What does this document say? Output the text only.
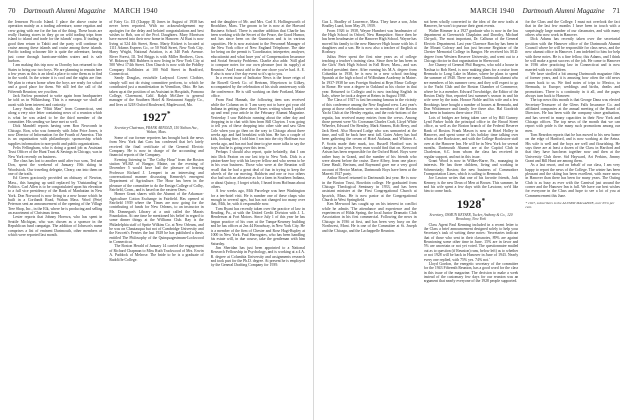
70 Dartmouth Alumni Magazine MARCH 1940

the Jemeson Piccolo Island. I place the above cruise in operation mainly as a trading adventure, some regattas and crew going with me for the fun of the thing. These boats are really floating stores in they go on wild trading trips from island to island and trade for the islands' copra. If trading is good then return to Tahiti and the party will continue its cruise among these islands and cruise among these islands. Pacific trading schooner life is quite the adventure, having just come through hurricane-ridden waters and is safe harbors.

I am making this trip now as Dorothy has returned to the States to bring our two boys. We are planning to remain here a few years as this is an ideal a place to raise them as to find in the world. In the winter it is cool and the nights are fine. We plan to return home when the boys are ready for school and a good place for them. We still feel the call of the Fifteenth Reunion; see you then.

Jack Farlow promised to write again from headquarters he told us in Wilkinsburg. This is a message we shall all await with keen interest and curiosity.

Larry Smith, the "Mitti Man" from Connecticut, sent along a very nice letter containing news of a reunion which is what he was asked to be the third member of the committee. His sending we have met so well.

Dick Mandell reports having seen Ron Newcomb in Chicago. Ron, who was formerly with John Price Jones, is now Director of Information for the Fourth of America. This is an organization with philanthropic sponsorship which supplies information to non-profit and public organizations.

Felix Fellingham, who is doing a grand job as Assistant Trust Officer of the Hunt Trust & Savings in Chicago, was in New York recently on business.

The class has lost to another until after two sons, Ted and Don, spent the weekend of January 19th skiing in Woodstock. Our traveling delegate, Cleary, ran into them on one of the trails.

Ed Green graciously provided an obituary of Newton, Mass., this hanging up until replaced by 'Outstanding' in Politics. Carl Allen is to be congratulated upon his elevation to a full vice presidency of the Bank of Manhattan in New York. Don Norwood is now living in a new house which he built in a Cortlandt Road, Waban Mass. Word (Pete) Peterson sent an announcement of the opening of the Village Tree Shop, Inc., in the Elk, where he is producing and selling an assortment of Christmas items.

Lester reports that Johnny Hoerwa, who has spent in Seattle Michigan, who was chosen as a sponsor in the Republican fund campaign. The addition of Johnson's name comprises a list of eminent Dartmouth, other members of which were reported last month.

of Fairy Co. III (Chappy II) Jones in August of 1938 has never been reported. With no acknowledgement my apologies for the delay and belated congratulations and best wishes to Bob, son of the Prof. Daughters. Mary Morrison have moved into their new home in Hanover. Al Ruzi is now living at 524 4th Street, Reno. Marty Rickert is located at 1111 Adams Express Co., or 50 Wall Street, New York City. Harry Wright, National Aviation, is at 340 Park Avenue. River Forest, Ill. Ted Briggs is with Miller Brothers, Gwn. W. Ridaway Hill Bubbers is now living in New York City at 500 West 174th Street. Don Church is now with the Piddley Company Bulldiniex at 100 Wall Street in Bradford, Connecticut.

Sandy Douglas, erstwhile Ladysool Covert Clotbier, simply will not do rising committee perform, to which he contributed just a manifestation in Vermilion, Ohio. He has taken up at the position of an Assistant in Hospitals, Pomona College, Claremont, Calif. Ralph McGhee is general manager of the Southern Hotel & Restaurant Supply Co., and lives at 3218 Oxford Boulevard, Maplewood, Mo.

1927*
Secretary-Chairman, FRANK ARNOLD, 150 Nathan Ave., Waban, Mass.

Some of our former reporters has brought back the news from New York that Cass has confessed that he's lately received the final certificate of the General Electric Company. He is now in charge of the accounting and financial reports of the Company.

Evening listening to "The Colby Hour" from the Boston station WLBZ of Bangor, Maine, on the evening of December 5 would have had the pleasure of hearing Professor Richard J. Lempert in an interesting and conversational manner discussing Kennedy's emergent Department of Agriculture. The Hour has been in the pleasure of the committee to do the Ensign College of Colby, Fairfield, Conn., and is based on the eastern Ones.

Homer Grant shares with the Alumni of the Arkansas-Agriculture Cotton Exchange in Fairfield. Has opened at Fairfield 1939 where the Times are now going for the contributing of funds for New Orleans, to an instructor in Mr. Donnegan's Library at a unit called the Marais Foundation. At one time he mentioned his belief in regard to some dinner things at the Williams Club. Ray is the Philadelphia staff of Sprite Wilkins Co. at New Orleans, and he was on Chautauqua but not of Cambridge University and the Fawcett's Ferries the last 1928 he has published a thesis entitled The Philosophy of the Quinquagesimum-Lockwood in Connecticut.

The Boston Herald of January 14 carried the engagement of Richard Chapman to Miss Ruth Trackwood of Mrs. Erwin A. Paddock of Melrose. The bride to be is a graduate of Radcliffe College.

and the daughter of Mr. and Mrs. Carl E. Hollingsworth of Brookline, Mass. The groom to be is now at the Harvard Business School. There is another addition that Charlie has been working with the Secret of the Peace, the Good Humor, and has since been on the Gunnison and is in various capacities. He is now assistant to the Personnel Manager of the New York office of New England Telephone. The date for being on the permit is 'Coordinator, interpreter, analyser, educationist and what have you' of Compensation Insurance and Social Security Problems. Charlie also adds: 'Still glad to compare notes for our own pleasure (not its supply) at Reunion.' And I must add to the one chore you've had. A. E. P. also is now a five day event so it's up to you.

In a recent issue of Indicator News is the brave reign of the Rowell Greek Co. of Bertram, Mayetown to Gilkey, accompanied by the celebration of his sixth anniversary with the conference. He is still working on their Portland, Maine office.

From Paul Hannah, the following item was received while the Column on it: 'I am sorry not to have got your old Indiana in getting these short Fizzes writing whom I picked up and read your article in the February Alumni Magazine. Yesterday I saw Baldwin running about the other day and dropping in to chat with him from Bill Clayton. I was going to tell you of these dropping into other side and saw Glen Cole when you go then on the way to Chicago about three weeks ago and had breakfast with him. He has a couple of kids, looking fine, I told him I ran into the city Hoffman two weeks ago, and has not had time to give more talks to say the boys that he is going over this term.'

Perhaps I should also report, quite belatedly, that I ran into Dick Paxton on our last trip to New York. Dick is a pinion-knee boy with his lawyer fellow and who seems to be in his own business. Those who were at the Reunion will recall that he had a great deal of fun in trying to keep the wheels of the car moving. Baldwin and one or two others also had such an aftertaste as for a farm in Southern Indiana, or about Quincy, I forget which, I heard from Hoffman about others.

A few weeks ago, Milt Parcelege was here Washington for a ten-hotel visit. He is number one of these chaps who enough in several ages, but has not changed too many over that, Milt, he, with it responsible now.

Tom Ryant has recently taken over the practice of law in Reading, Pa., at with the United Credit Division with J. L. Henderson at Fort Motors. Since July 1 of this year he has begun practice of his own at the Tampa-Kearney building and he has offices at 2ns 44 Broadway, in New York City. He is a member of the firm of Chester and Rose Hagt-Rupley at 1000 in New York. Paul Harrogates, who has been handling his estate will, in due course, take the gentleman with him Saturday.

Jim Sheridan has just been appointed to a National Research Fellowship in Psychology, and is working at a 4 A. B. degree at Columbia University and assignments research and took part for the Ph.D. degree. At present he is employed by the General Drafting Company for 1939.

MARCH 1940 Dartmouth Alumni Magazine 71

Gus L. Bradley of Lawrence, Mass. They have a son, John Bradley Lund, born May 29, 1939.

From 1926 to 1938, Wayne Humbert was headmaster of the High School in Orford, New Hampshire. Since then he has been headmaster of the Hanover High School. Wayne has moved his family to the new Hanover High house with his 4 daughters and a son. He is now also a teacher of English at Roxbury.

Julius Peter spent the first nine years as of college teaching a teacher's training class. Since then he has been in the Girls' Park High School in Fall River, Mass., and was elected president there. After earning his M.A. degree from Columbia in 1938, he is now in a new school teaching Spanish at the high school of Wilbraham Academy in Maine. In 1937-1938 he was Foreign Student at Bryn Mawr College in Rome. He won a degree in Oakland as his choice in that year. Returned to Collegio and is now teaching English in Italy, where he took a degree at Reims in August 1938.

The Class of 1927 is fast becoming famous in the vicinity of this conference among the New England crew. Last year's group at those celebrations were six members of the Boston Yacht Club at the Henley regatta, and the rock-bottom of the regatta, has received many entries from the crews. Among those present were Vic Crossman Charles Craft, Lloyd White Wheeler, Edward Orr Bentley, Mark Stearns, Rob Berry, and Jack Reed. Also Howard Lodge who was unmarried at the time, and will be back here next fall. Gates Adrey has had been gathering the cream of Hotel Atalanta, and Whitten A. P. Scotts made their mark, too. Russell Hartford was in charge as last year. Every man would find that on. Kerwood Arison has been responsible for the Oxford Hotel. Boys were rather busy in Grand, and the number of his friends who were absent before the cruise. Dave Alfrey, from one place; Gene Haulf, Bertram, and Raymond gave me a very good account of Hector Marion, Dartmouth Boys have been at the Marrett 1927 party.

Arthur Rowel returned to Dartmouth last year. He is now in the Boston Trust, Bowdoin college. He graduated from Chicago Theological Seminary in 1933, and has been assistant minister at the First Congregational Church at Ipswich, Mass. He is now pastor at the Congregational Church in West Springfield.

Ken Merwood has caught up on his interest in conflict while he admits 'The attendance and experience and the experiences of Hilda Spring, the local Junior Dramatic Club Association in his first commercial. Following the news in Chicago in 1936 at first, and has been very busy on the Northwest, Mont. He is one of the Committee at St. Joseph and the Chicago, and the Lachappelle Reunion.

not been wholly converted to the idea of the new trails at Hanover, he won't to pursue their great events.

Walter Rimmer is a 1927 graduate who is now in the law department at Greenwich Chaplains and Dorothy, Michael Chi-poli, The most important, Dr. Calhoun of the General Electric Department. Last year Clarence Barclay has been in the Mount Calvary and has just become Registrar of the Chester Memorial College in Bangor. He received his M.D. degree from Western Reserve University, and went out to a Chicago doctor in that organization in Sherwood.

Joe Chaney of General Phil Burgess, who sold a house in Nashua to Bob Reed, is now making plans for a cruise from Bermuda to Long Lake in Maine, where he plans to spend the summer of 1940. There are many Dartmouth alumni who are members of his summer crew, and they will expect to go to the Yacht Club and the Boston Chamber of Commerce, where he is a member. Edward Trowbridge, the Editor of the Boston Daily Star, reported last summer's season in and his wife were by the train. Horace Noble and his wife and a few Brookings have bought a number of houses at Bermuda, and Don Whittemore and family live there also. Hal Goodrich has been in business there since 1931.

Lots of bridges are being taken care of by Bill Gurney. Lynd Parker holds the principal office in the Broad Street office, as well as the Boston branch of the Federal Reserve Bank of Boston. Frank Mason is now at Hotel Holley in Hanover, and spent some of his holiday time talking over affairs at the Bookstore, and with the College Bookstore staff over at the Hanover Inn. He will be in New York for several months. Dartmouth Alumni are at the Capitol Club in Charleston, S.C. from whom the class has received its regular support, and not in this issue.

Grant Wood is now in Wilkes-Barre, Pa., managing its interests. He has three children, living and working in Schenectady; Boston; the new business of Commodore Transportation Lines, which is sailing to Bermuda.

Joe Lawton writes that one of his favorite friends, Jack Kenney, is the new Dean of Men at Brown. This summer, he and his wife spent a few days with the Lawtons; we'd like him to come back.

1928*
Secretary, OSMUN KEYSER, Tucker, Anthony & Co., 120 Broadway, New York

Class Agent Paul Kenning included in a recent letter to the Class a brief announcement designed solely to help your Secretary's task of writing these notes: 'Secretaries indicate that of those who sent in their classnotes, 89% are against Reunioning some other time in June. 15% are in favor and 5% are uncertain or not yet voted. The questionnaire mailed out as to question (if Reunion) runs, below left) as to whether or not 1928 will be back in Hanover in June of 1943. Nearly every one replied, with 75% yes. 74% not.'

Lloyd Gordon, the energetic secretary of the committee for the 1943 Fifteenth Reunion, has a good word for the class in this issue of the magazine. The decision to make a week instead of the customary few days for our reunion was an argument that nearly everyone of the 1928 people supported.

for the Class and the College. I must not overlook the fact that in the last few months I have been in touch with a surprisingly large number of our classmates, and with many others who now work in Hanover.

Dick Adams has recently taken over the secretarial position with the Hanover office of the Dartmouth Alumni Council where he will be responsible for class news, and the new alumni office in Hanover. I am indebted to him for help with these notes. He is a fine fellow, this Adams, and I think he will make a great success of the job. He came to Hanover in 1936 after practicing law in Connecticut and is now married with two children.

We have strolled a bit among Dartmouth magazine files of former years, and it is amusing how often the old news comes back to us. We find notes of trips to Mexico, to Bermuda, to Europe; weddings and births, deaths and promotions. There is a continuity in it all, and the pages always turn back to Hanover.

The top news this month is that George Dana was elected Secretary-Treasurer of the Glens Falls Insurance Co. and affiliated companies at the annual meeting of the Board of Directors. He has been with the company since graduation, and has served in many capacities in their New York and Chicago offices. The top news of the month that we can report with pride is the many such promotions among our men.

Tom Reardon reports that he has moved to his new home on the edge of Hartford, and is now working at the Aetna. His wife is well and the boys are well and flourishing. He says there are at least a dozen of the Class in Hartford and that they have luncheon together now and then at the University Club there. Sid Hayward, Art Perkins, Jimmy Grant and Bill Hunt are among them.

As a last resort, and on behalf of our class, I am very happy to report the news of the College. The winter has been pleasant and the skiing has been excellent, with more snow in Hanover than there has been for many years. The Outing Club is as busy as ever with the Carnival just around the corner and the Hanover Inn is full. We have our best wishes for everyone in the Class and hope to see a lot of you at Commencement this June.

* 1927, subscribers to the ALUMNI MAGAZINE, over 65% per cent.
